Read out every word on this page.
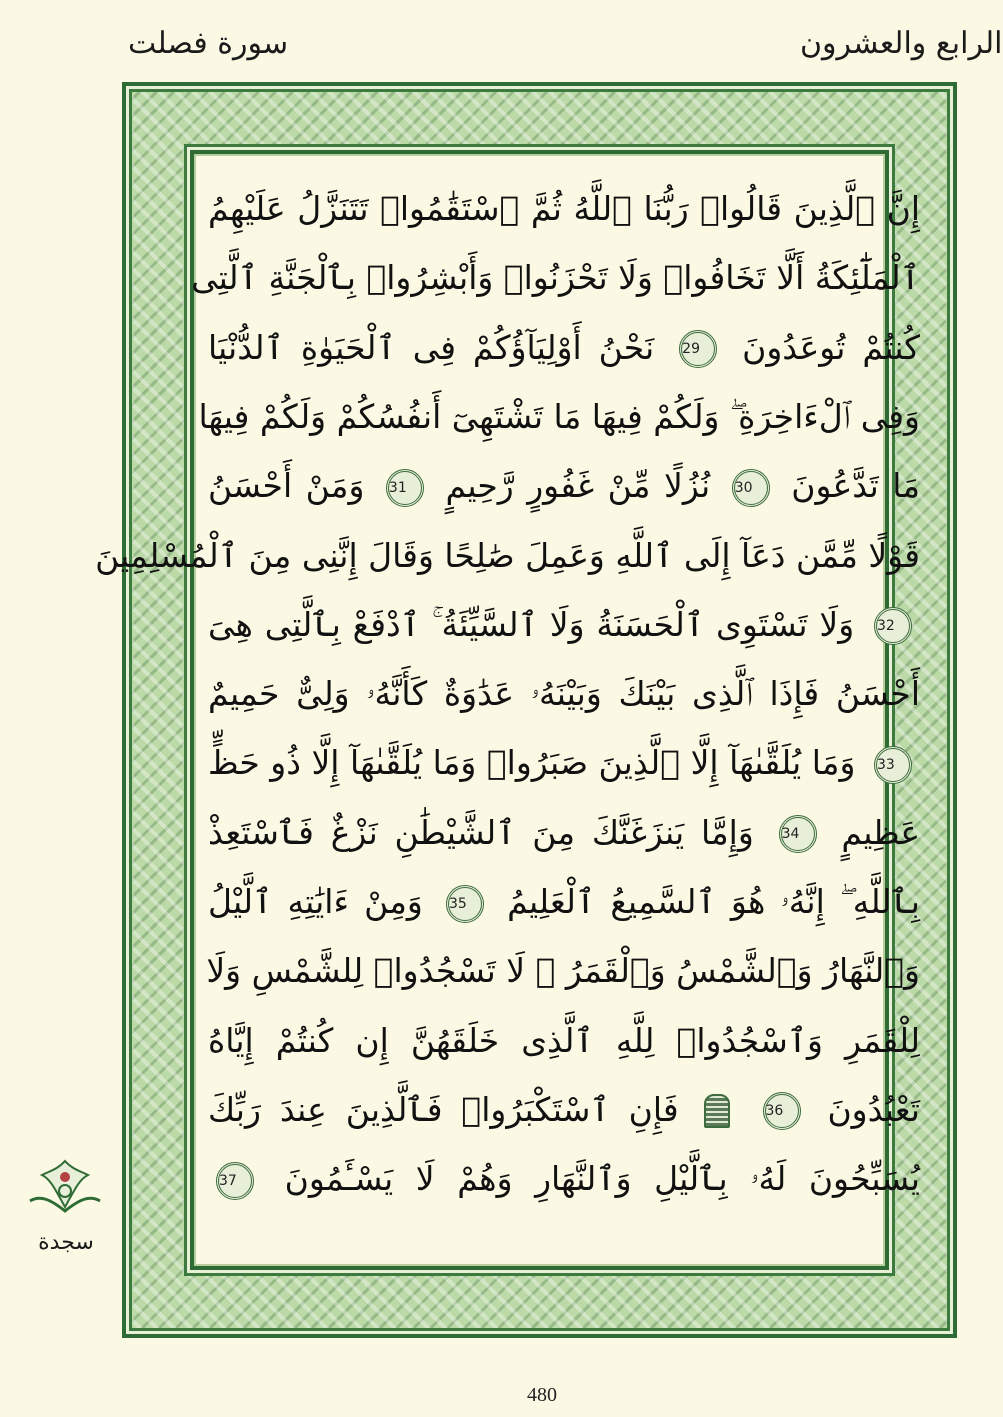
الرابع والعشرون
سورة فصلت
إِنَّ ٱلَّذِينَ قَالُوا۟ رَبُّنَا ٱللَّهُ ثُمَّ ٱسْتَقَٰمُوا۟ تَتَنَزَّلُ عَلَيْهِمُ
ٱلْمَلَٰٓئِكَةُ أَلَّا تَخَافُوا۟ وَلَا تَحْزَنُوا۟ وَأَبْشِرُوا۟ بِٱلْجَنَّةِ ٱلَّتِى
كُنتُمْ تُوعَدُونَ 29 نَحْنُ أَوْلِيَآؤُكُمْ فِى ٱلْحَيَوٰةِ ٱلدُّنْيَا
وَفِى ٱلْءَاخِرَةِ ۖ وَلَكُمْ فِيهَا مَا تَشْتَهِىٓ أَنفُسُكُمْ وَلَكُمْ فِيهَا
مَا تَدَّعُونَ 30 نُزُلًا مِّنْ غَفُورٍ رَّحِيمٍ 31 وَمَنْ أَحْسَنُ
قَوْلًا مِّمَّن دَعَآ إِلَى ٱللَّهِ وَعَمِلَ صَٰلِحًا وَقَالَ إِنَّنِى مِنَ ٱلْمُسْلِمِينَ
32 وَلَا تَسْتَوِى ٱلْحَسَنَةُ وَلَا ٱلسَّيِّئَةُ ۚ ٱدْفَعْ بِٱلَّتِى هِىَ
أَحْسَنُ فَإِذَا ٱلَّذِى بَيْنَكَ وَبَيْنَهُۥ عَدَٰوَةٌ كَأَنَّهُۥ وَلِىٌّ حَمِيمٌ
33 وَمَا يُلَقَّىٰهَآ إِلَّا ٱلَّذِينَ صَبَرُوا۟ وَمَا يُلَقَّىٰهَآ إِلَّا ذُو حَظٍّ
عَظِيمٍ 34 وَإِمَّا يَنزَغَنَّكَ مِنَ ٱلشَّيْطَٰنِ نَزْغٌ فَٱسْتَعِذْ
بِٱللَّهِ ۖ إِنَّهُۥ هُوَ ٱلسَّمِيعُ ٱلْعَلِيمُ 35 وَمِنْ ءَايَٰتِهِ ٱلَّيْلُ
وَٱلنَّهَارُ وَٱلشَّمْسُ وَٱلْقَمَرُ ۚ لَا تَسْجُدُوا۟ لِلشَّمْسِ وَلَا
لِلْقَمَرِ وَٱسْجُدُوا۟ لِلَّهِ ٱلَّذِى خَلَقَهُنَّ إِن كُنتُمْ إِيَّاهُ
تَعْبُدُونَ 36  فَإِنِ ٱسْتَكْبَرُوا۟ فَٱلَّذِينَ عِندَ رَبِّكَ
يُسَبِّحُونَ لَهُۥ بِٱلَّيْلِ وَٱلنَّهَارِ وَهُمْ لَا يَسْـَٔمُونَ 37
سجدة
480
